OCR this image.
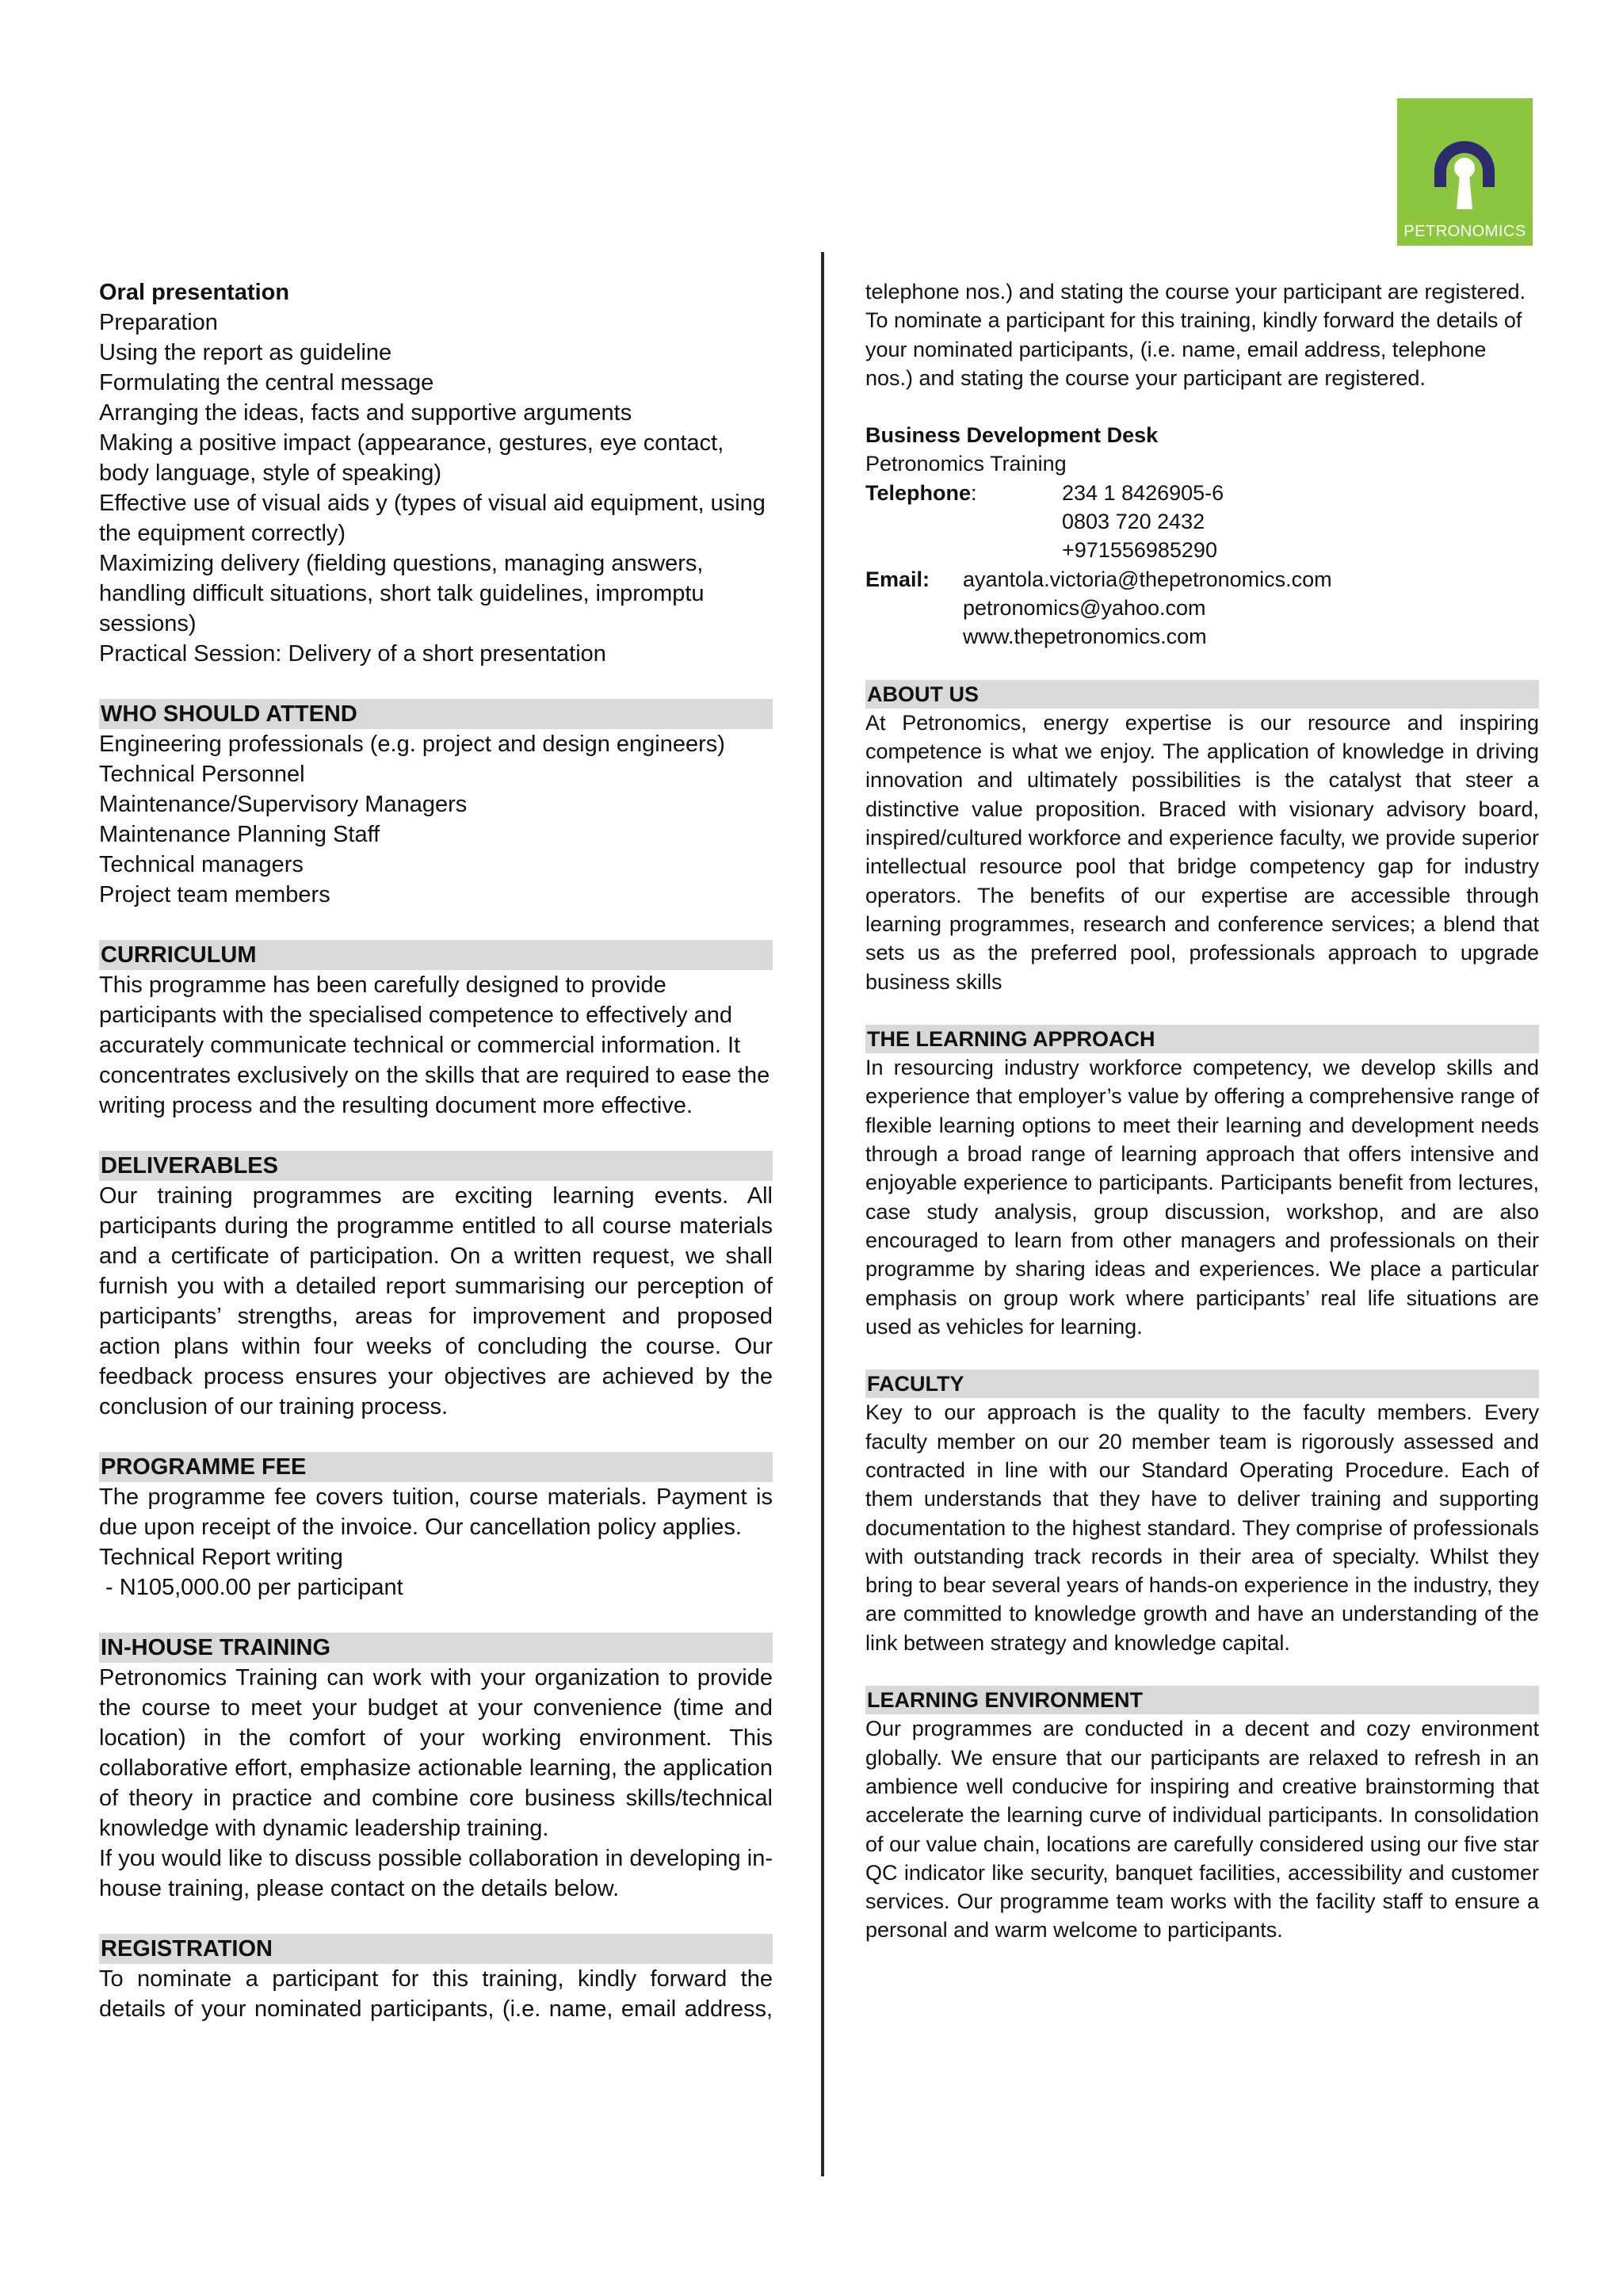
PETRONOMICS
Oral presentation
Preparation
Using the report as guideline
Formulating the central message
Arranging the ideas, facts and supportive arguments
Making a positive impact (appearance, gestures, eye contact, body language, style of speaking)
Effective use of visual aids y (types of visual aid equipment, using the equipment correctly)
Maximizing delivery (fielding questions, managing answers, handling difficult situations, short talk guidelines, impromptu sessions)
Practical Session: Delivery of a short presentation
WHO SHOULD ATTEND
Engineering professionals (e.g. project and design engineers)
Technical Personnel
Maintenance/Supervisory Managers
Maintenance Planning Staff
Technical managers
Project team members
CURRICULUM
This programme has been carefully designed to provide participants with the specialised competence to effectively and accurately communicate technical or commercial information. It concentrates exclusively on the skills that are required to ease the writing process and the resulting document more effective.
DELIVERABLES
Our training programmes are exciting learning events. All participants during the programme entitled to all course materials and a certificate of participation. On a written request, we shall furnish you with a detailed report summarising our perception of participants’ strengths, areas for improvement and proposed action plans within four weeks of concluding the course. Our feedback process ensures your objectives are achieved by the conclusion of our training process.
PROGRAMME FEE
The programme fee covers tuition, course materials. Payment is due upon receipt of the invoice. Our cancellation policy applies.
Technical Report writing
- N105,000.00 per participant
IN-HOUSE TRAINING
Petronomics Training can work with your organization to provide the course to meet your budget at your convenience (time and location) in the comfort of your working environment. This collaborative effort, emphasize actionable learning, the application of theory in practice and combine core business skills/technical knowledge with dynamic leadership training.
If you would like to discuss possible collaboration in developing in-house training, please contact on the details below.
REGISTRATION
To nominate a participant for this training, kindly forward the details of your nominated participants, (i.e. name, email address,
telephone nos.) and stating the course your participant are registered.
To nominate a participant for this training, kindly forward the details of your nominated participants, (i.e. name, email address, telephone nos.) and stating the course your participant are registered.
Business Development Desk
Petronomics Training
Telephone:	234 1 8426905-6
0803 720 2432
+971556985290
Email:	ayantola.victoria@thepetronomics.com
petronomics@yahoo.com
www.thepetronomics.com
ABOUT US
At Petronomics, energy expertise is our resource and inspiring competence is what we enjoy. The application of knowledge in driving innovation and ultimately possibilities is the catalyst that steer a distinctive value proposition. Braced with visionary advisory board, inspired/cultured workforce and experience faculty, we provide superior intellectual resource pool that bridge competency gap for industry operators. The benefits of our expertise are accessible through learning programmes, research and conference services; a blend that sets us as the preferred pool, professionals approach to upgrade business skills
THE LEARNING APPROACH
In resourcing industry workforce competency, we develop skills and experience that employer’s value by offering a comprehensive range of flexible learning options to meet their learning and development needs through a broad range of learning approach that offers intensive and enjoyable experience to participants. Participants benefit from lectures, case study analysis, group discussion, workshop, and are also encouraged to learn from other managers and professionals on their programme by sharing ideas and experiences. We place a particular emphasis on group work where participants’ real life situations are used as vehicles for learning.
FACULTY
Key to our approach is the quality to the faculty members. Every faculty member on our 20 member team is rigorously assessed and contracted in line with our Standard Operating Procedure. Each of them understands that they have to deliver training and supporting documentation to the highest standard. They comprise of professionals with outstanding track records in their area of specialty. Whilst they bring to bear several years of hands-on experience in the industry, they are committed to knowledge growth and have an understanding of the link between strategy and knowledge capital.
LEARNING ENVIRONMENT
Our programmes are conducted in a decent and cozy environment globally. We ensure that our participants are relaxed to refresh in an ambience well conducive for inspiring and creative brainstorming that accelerate the learning curve of individual participants. In consolidation of our value chain, locations are carefully considered using our five star QC indicator like security, banquet facilities, accessibility and customer services. Our programme team works with the facility staff to ensure a personal and warm welcome to participants.
